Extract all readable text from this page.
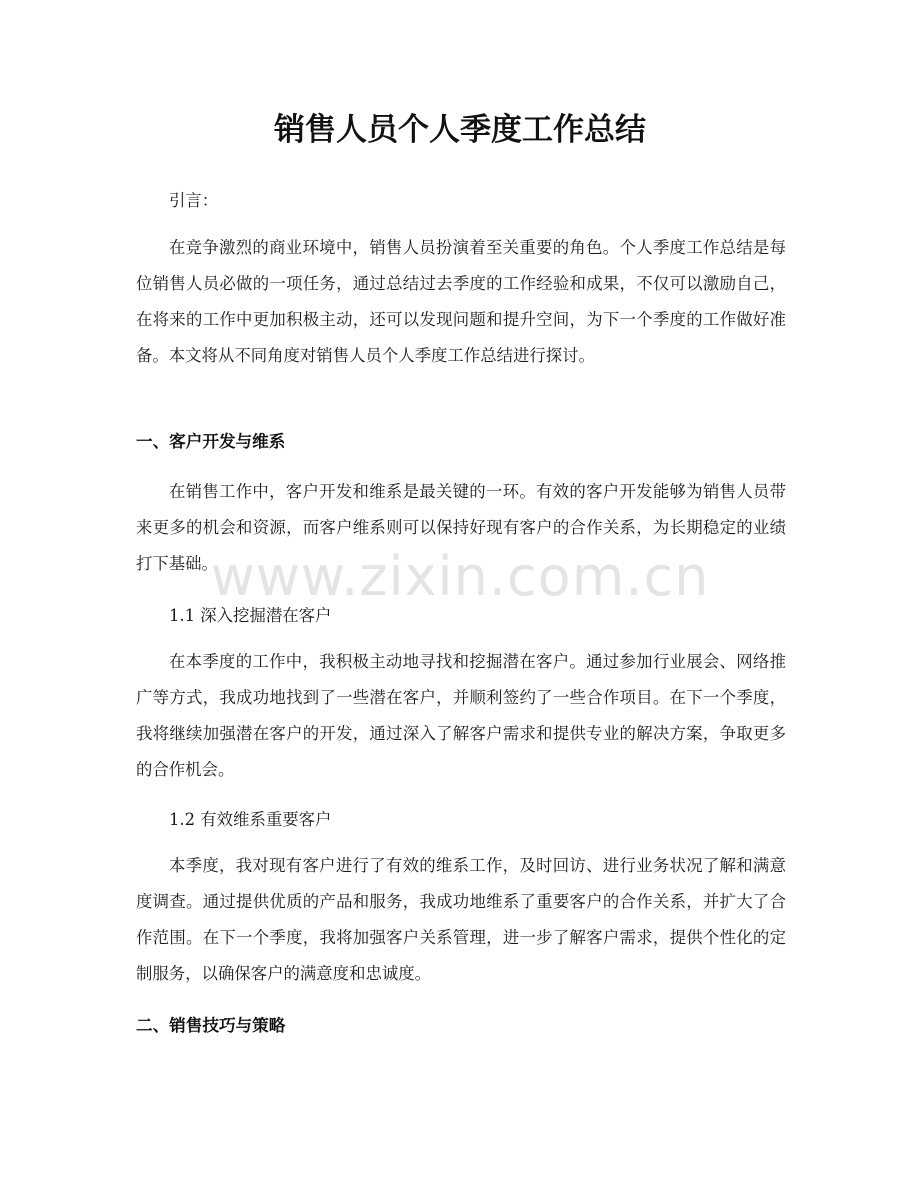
销售人员个人季度工作总结

引言：

在竞争激烈的商业环境中，销售人员扮演着至关重要的角色。个人季度工作总结是每位销售人员必做的一项任务，通过总结过去季度的工作经验和成果，不仅可以激励自己，在将来的工作中更加积极主动，还可以发现问题和提升空间，为下一个季度的工作做好准备。本文将从不同角度对销售人员个人季度工作总结进行探讨。

一、客户开发与维系

在销售工作中，客户开发和维系是最关键的一环。有效的客户开发能够为销售人员带来更多的机会和资源，而客户维系则可以保持好现有客户的合作关系，为长期稳定的业绩打下基础。

1.1 深入挖掘潜在客户

在本季度的工作中，我积极主动地寻找和挖掘潜在客户。通过参加行业展会、网络推广等方式，我成功地找到了一些潜在客户，并顺利签约了一些合作项目。在下一个季度，我将继续加强潜在客户的开发，通过深入了解客户需求和提供专业的解决方案，争取更多的合作机会。

1.2 有效维系重要客户

本季度，我对现有客户进行了有效的维系工作，及时回访、进行业务状况了解和满意度调查。通过提供优质的产品和服务，我成功地维系了重要客户的合作关系，并扩大了合作范围。在下一个季度，我将加强客户关系管理，进一步了解客户需求，提供个性化的定制服务，以确保客户的满意度和忠诚度。

二、销售技巧与策略

www.zixin.com.cn
